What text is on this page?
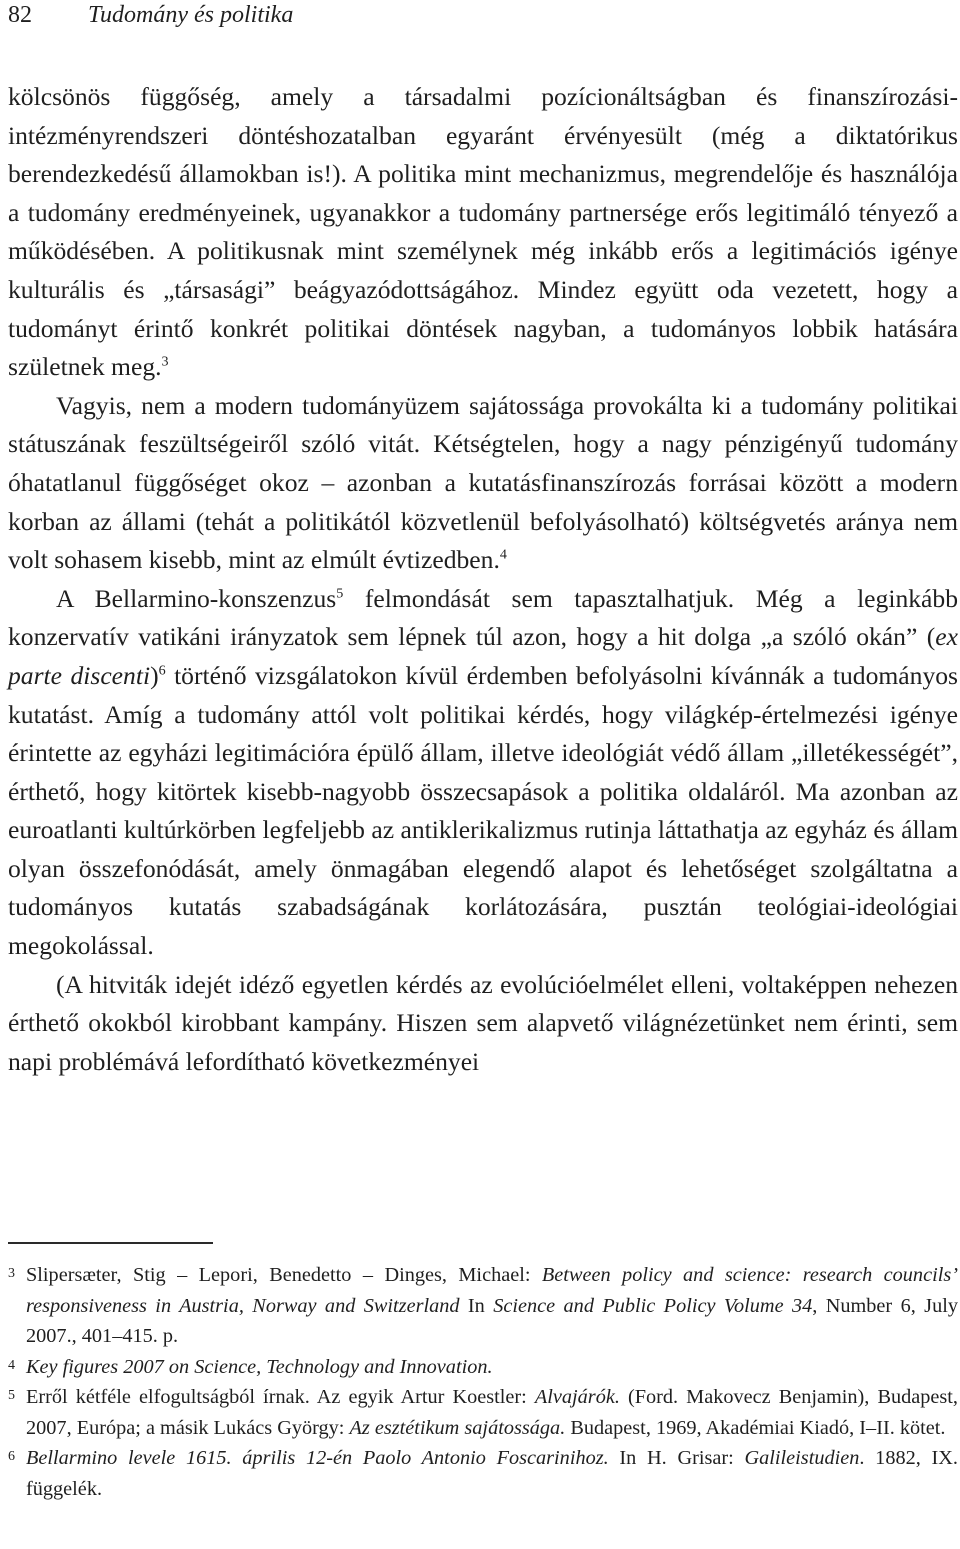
82 Tudomány és politika

kölcsönös függőség, amely a társadalmi pozícionáltságban és finanszírozási-intézményrendszeri döntéshozatalban egyaránt érvényesült (még a diktatórikus berendezkedésű államokban is!). A politika mint mechanizmus, megrendelője és használója a tudomány eredményeinek, ugyanakkor a tudomány partnersége erős legitimáló tényező a működésében. A politikusnak mint személynek még inkább erős a legitimációs igénye kulturális és „társasági” beágyazódottságához. Mindez együtt oda vezetett, hogy a tudományt érintő konkrét politikai döntések nagyban, a tudományos lobbik hatására születnek meg.$^3$

Vagyis, nem a modern tudományüzem sajátossága provokálta ki a tudomány politikai státuszának feszültségeiről szóló vitát. Kétségtelen, hogy a nagy pénzigényű tudomány óhatatlanul függőséget okoz – azonban a kutatásfinanszírozás forrásai között a modern korban az állami (tehát a politikától közvetlenül befolyásolható) költségvetés aránya nem volt sohasem kisebb, mint az elmúlt évtizedben.$^4$

A Bellarmino-konszenzus$^5$ felmondását sem tapasztalhatjuk. Még a leginkább konzervatív vatikáni irányzatok sem lépnek túl azon, hogy a hit dolga „a szóló okán” (ex parte discenti)$^6$ történő vizsgálatokon kívül érdemben befolyásolni kívánnák a tudományos kutatást. Amíg a tudomány attól volt politikai kérdés, hogy világkép-értelmezési igénye érintette az egyházi legitimációra épülő állam, illetve ideológiát védő állam „illetékességét”, érthető, hogy kitörtek kisebb-nagyobb összecsapások a politika oldaláról. Ma azonban az euroatlanti kultúrkörben legfeljebb az antiklerikalizmus rutinja láttathatja az egyház és állam olyan összefonódását, amely önmagában elegendő alapot és lehetőséget szolgáltatna a tudományos kutatás szabadságának korlátozására, pusztán teológiai-ideológiai megokolással.

(A hitviták idejét idéző egyetlen kérdés az evolúcióelmélet elleni, voltaképpen nehezen érthető okokból kirobbant kampány. Hiszen sem alapvető világnézetünket nem érinti, sem napi problémává lefordítható következményei

3 Slipersæter, Stig – Lepori, Benedetto – Dinges, Michael: Between policy and science: research councils’ responsiveness in Austria, Norway and Switzerland In Science and Public Policy Volume 34, Number 6, July 2007., 401–415. p.
4 Key figures 2007 on Science, Technology and Innovation.
5 Erről kétféle elfogultságból írnak. Az egyik Artur Koestler: Alvajárók. (Ford. Makovecz Benjamin), Budapest, 2007, Európa; a másik Lukács György: Az esztétikum sajátossága. Budapest, 1969, Akadémiai Kiadó, I–II. kötet.
6 Bellarmino levele 1615. április 12-én Paolo Antonio Foscarinihoz. In H. Grisar: Galileistudien. 1882, IX. függelék.
